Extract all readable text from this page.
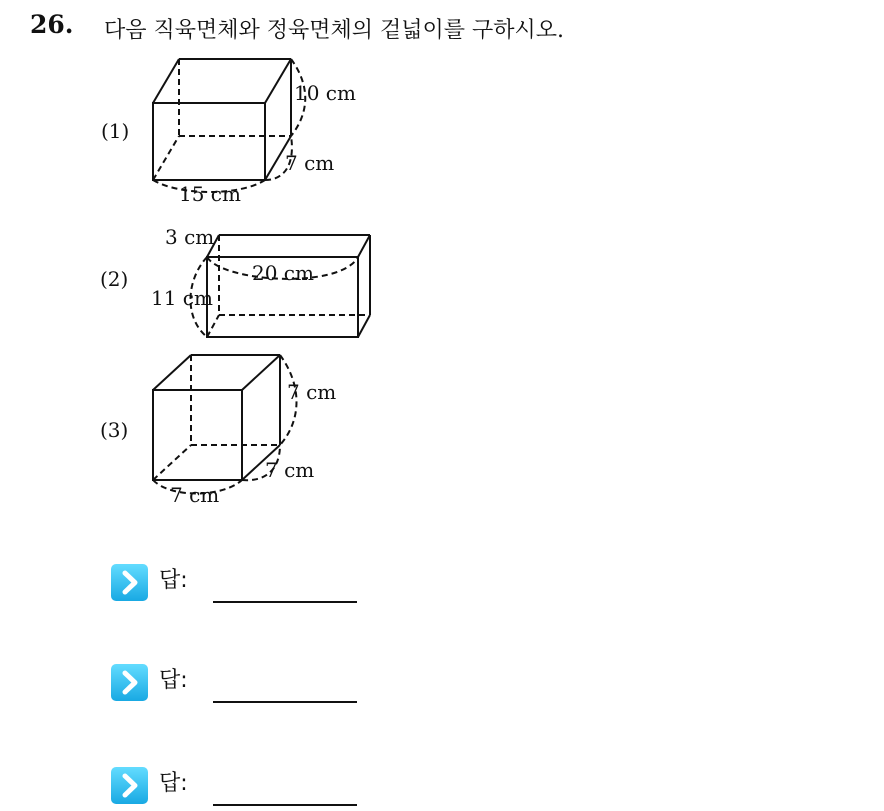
26. 다음 직육면체와 정육면체의 겉넓이를 구하시오.
(1)
10 cm
7 cm
15 cm
(2)
3 cm
20 cm
11 cm
(3)
7 cm
7 cm
7 cm
답:
답:
답:
